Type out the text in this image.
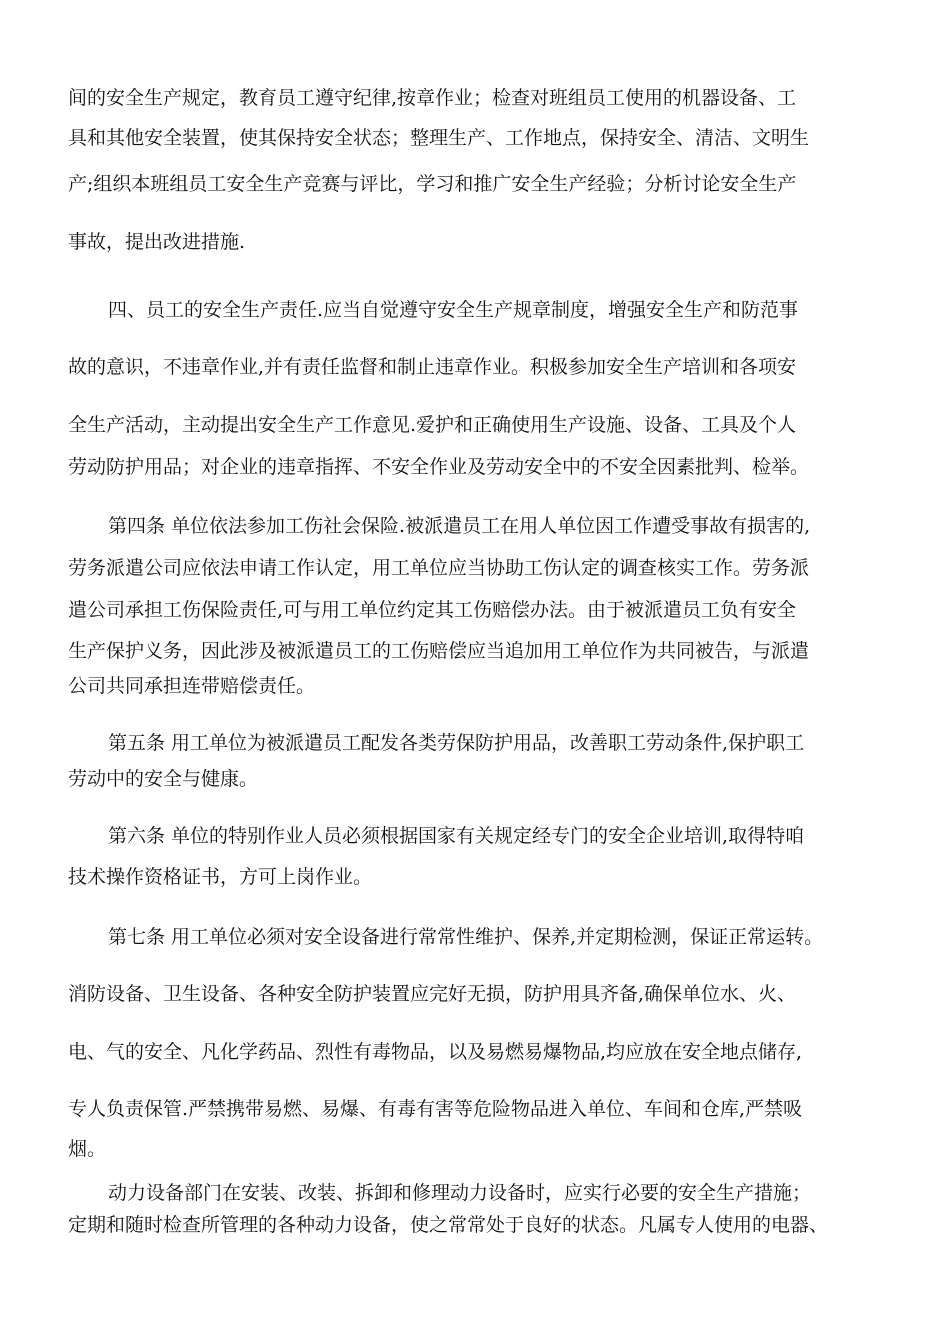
间的安全生产规定，教育员工遵守纪律,按章作业；检查对班组员工使用的机器设备、工
具和其他安全装置，使其保持安全状态；整理生产、工作地点，保持安全、清洁、文明生
产;组织本班组员工安全生产竞赛与评比，学习和推广安全生产经验；分析讨论安全生产
事故，提出改进措施.
四、员工的安全生产责任.应当自觉遵守安全生产规章制度，增强安全生产和防范事
故的意识，不违章作业,并有责任监督和制止违章作业。积极参加安全生产培训和各项安
全生产活动，主动提出安全生产工作意见.爱护和正确使用生产设施、设备、工具及个人
劳动防护用品；对企业的违章指挥、不安全作业及劳动安全中的不安全因素批判、检举。
第四条 单位依法参加工伤社会保险.被派遣员工在用人单位因工作遭受事故有损害的,
劳务派遣公司应依法申请工作认定，用工单位应当协助工伤认定的调查核实工作。劳务派
遣公司承担工伤保险责任,可与用工单位约定其工伤赔偿办法。由于被派遣员工负有安全
生产保护义务，因此涉及被派遣员工的工伤赔偿应当追加用工单位作为共同被告，与派遣
公司共同承担连带赔偿责任。
第五条 用工单位为被派遣员工配发各类劳保防护用品，改善职工劳动条件,保护职工
劳动中的安全与健康。
第六条 单位的特别作业人员必须根据国家有关规定经专门的安全企业培训,取得特咱
技术操作资格证书，方可上岗作业。
第七条 用工单位必须对安全设备进行常常性维护、保养,并定期检测，保证正常运转。
消防设备、卫生设备、各种安全防护装置应完好无损，防护用具齐备,确保单位水、火、
电、气的安全、凡化学药品、烈性有毒物品，以及易燃易爆物品,均应放在安全地点储存,
专人负责保管.严禁携带易燃、易爆、有毒有害等危险物品进入单位、车间和仓库,严禁吸
烟。
动力设备部门在安装、改装、拆卸和修理动力设备时，应实行必要的安全生产措施；
定期和随时检查所管理的各种动力设备，使之常常处于良好的状态。凡属专人使用的电器、
